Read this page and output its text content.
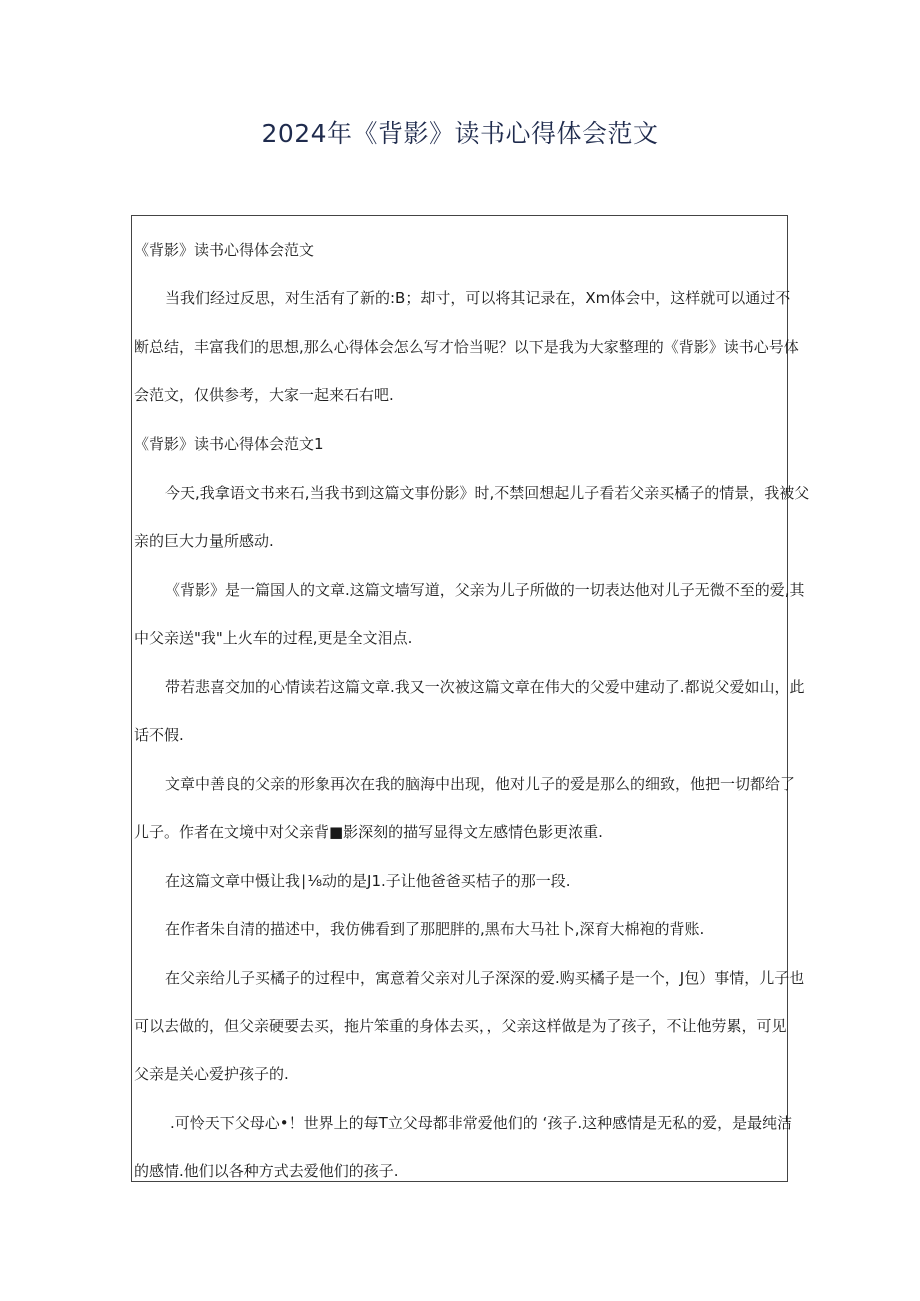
2024年《背影》读书心得体会范文
《背影》读书心得体会范文
当我们经过反思，对生活有了新的:B；却寸，可以将其记录在，Xm体会中，这样就可以通过不
断总结，丰富我们的思想,那么心得体会怎么写才恰当呢？以下是我为大家整理的《背影》读书心号体
会范文，仅供参考，大家一起来石右吧.
《背影》读书心得体会范文1
今天,我拿语文书来石,当我书到这篇文事份影》时,不禁回想起儿子看若父亲买橘子的情景，我被父
亲的巨大力量所感动.
《背影》是一篇国人的文章.这篇文墙写道，父亲为儿子所做的一切表达他对儿子无微不至的爱,其
中父亲送"我"上火车的过程,更是全文泪点.
带若悲喜交加的心情读若这篇文章.我又一次被这篇文章在伟大的父爱中建动了.都说父爱如山，此
话不假.
文章中善良的父亲的形象再次在我的脑海中出现，他对儿子的爱是那么的细致，他把一切都给了
儿子。作者在文境中对父亲背■影深刻的描写显得文左感情色影更浓重.
在这篇文章中慑让我∣⅛动的是J1.子让他爸爸买桔子的那一段.
在作者朱自清的描述中，我仿佛看到了那肥胖的,黑布大马社卜,深育大棉袍的背账.
在父亲给儿子买橘子的过程中，寓意着父亲对儿子深深的爱.购买橘子是一个，J包）事情，儿子也
可以去做的，但父亲硬要去买，拖片笨重的身体去买，，父亲这样做是为了孩子，不让他劳累，可见
父亲是关心爱护孩子的.
.可怜天下父母心•！世界上的每T立父母都非常爱他们的 ‘孩子.这种感情是无私的爱，是最纯洁
的感情.他们以各种方式去爱他们的孩子.
